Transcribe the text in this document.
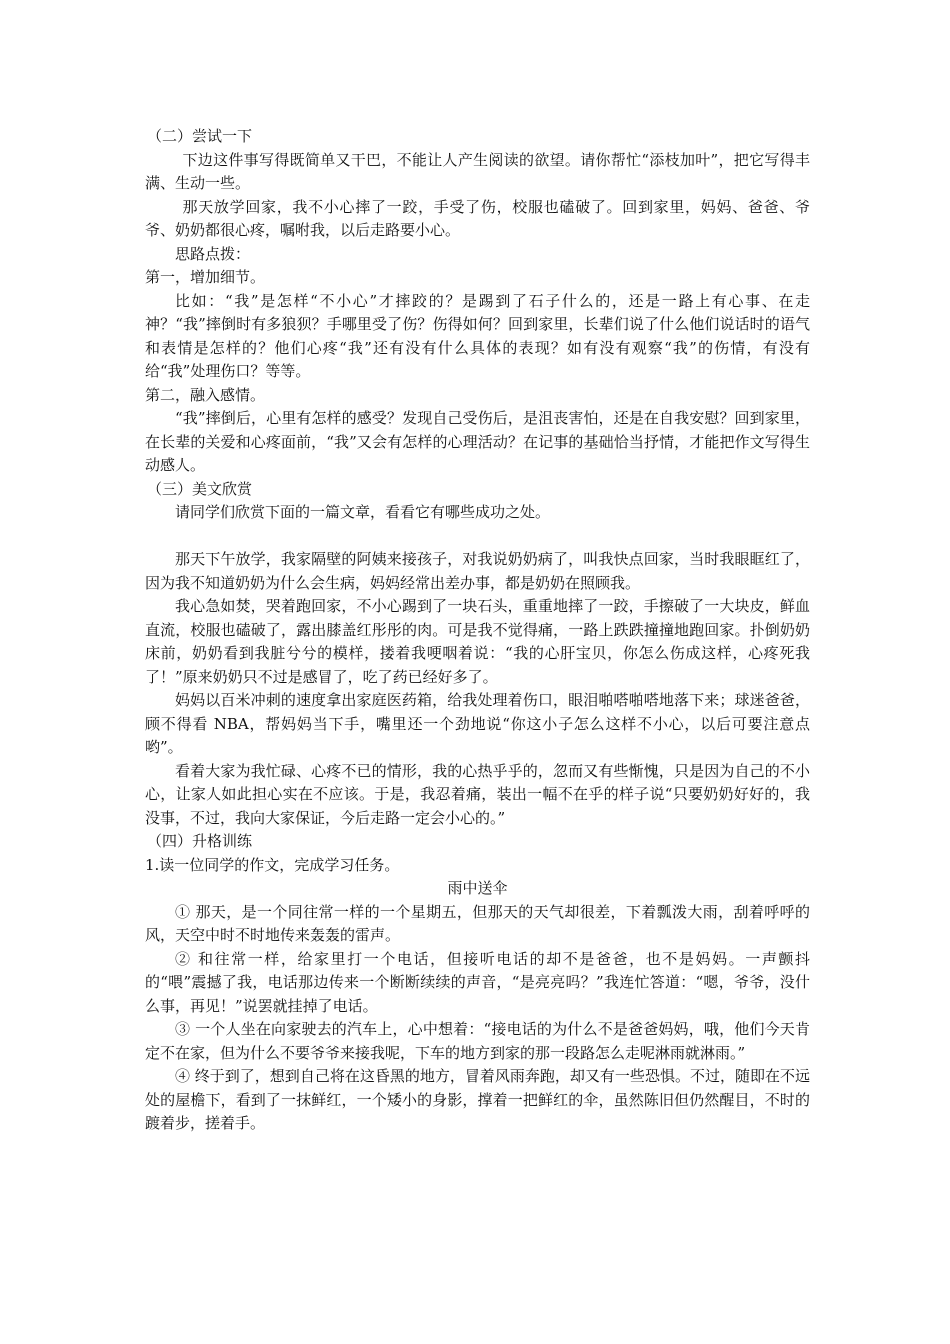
（二）尝试一下

下边这件事写得既简单又干巴，不能让人产生阅读的欲望。请你帮忙“添枝加叶”，把它写得丰满、生动一些。

那天放学回家，我不小心摔了一跤，手受了伤，校服也磕破了。回到家里，妈妈、爸爸、爷爷、奶奶都很心疼，嘱咐我，以后走路要小心。

思路点拨：

第一，增加细节。

比如：“我”是怎样“不小心”才摔跤的？是踢到了石子什么的，还是一路上有心事、在走神？“我”摔倒时有多狼狈？手哪里受了伤？伤得如何？回到家里，长辈们说了什么他们说话时的语气和表情是怎样的？他们心疼“我”还有没有什么具体的表现？如有没有观察“我”的伤情，有没有给“我”处理伤口？等等。

第二，融入感情。

“我”摔倒后，心里有怎样的感受？发现自己受伤后，是沮丧害怕，还是在自我安慰？回到家里，在长辈的关爱和心疼面前，“我”又会有怎样的心理活动？在记事的基础恰当抒情，才能把作文写得生动感人。

（三）美文欣赏

请同学们欣赏下面的一篇文章，看看它有哪些成功之处。

那天下午放学，我家隔壁的阿姨来接孩子，对我说奶奶病了，叫我快点回家，当时我眼眶红了，因为我不知道奶奶为什么会生病，妈妈经常出差办事，都是奶奶在照顾我。

我心急如焚，哭着跑回家，不小心踢到了一块石头，重重地摔了一跤，手擦破了一大块皮，鲜血直流，校服也磕破了，露出膝盖红彤彤的肉。可是我不觉得痛，一路上跌跌撞撞地跑回家。扑倒奶奶床前，奶奶看到我脏兮兮的模样，搂着我哽咽着说：“我的心肝宝贝，你怎么伤成这样，心疼死我了！”原来奶奶只不过是感冒了，吃了药已经好多了。

妈妈以百米冲刺的速度拿出家庭医药箱，给我处理着伤口，眼泪啪嗒啪嗒地落下来；球迷爸爸，顾不得看 NBA，帮妈妈当下手，嘴里还一个劲地说“你这小子怎么这样不小心，以后可要注意点哟”。

看着大家为我忙碌、心疼不已的情形，我的心热乎乎的，忽而又有些惭愧，只是因为自己的不小心，让家人如此担心实在不应该。于是，我忍着痛，装出一幅不在乎的样子说“只要奶奶好好的，我没事，不过，我向大家保证，今后走路一定会小心的。”

（四）升格训练

1.读一位同学的作文，完成学习任务。

雨中送伞

① 那天，是一个同往常一样的一个星期五，但那天的天气却很差，下着瓢泼大雨，刮着呼呼的风，天空中时不时地传来轰轰的雷声。

② 和往常一样，给家里打一个电话，但接听电话的却不是爸爸，也不是妈妈。一声颤抖的“喂”震撼了我，电话那边传来一个断断续续的声音，“是亮亮吗？”我连忙答道：“嗯，爷爷，没什么事，再见！”说罢就挂掉了电话。

③ 一个人坐在向家驶去的汽车上，心中想着：“接电话的为什么不是爸爸妈妈，哦，他们今天肯定不在家，但为什么不要爷爷来接我呢，下车的地方到家的那一段路怎么走呢淋雨就淋雨。”

④ 终于到了，想到自己将在这昏黑的地方，冒着风雨奔跑，却又有一些恐惧。不过，随即在不远处的屋檐下，看到了一抹鲜红，一个矮小的身影，撑着一把鲜红的伞，虽然陈旧但仍然醒目，不时的踱着步，搓着手。
